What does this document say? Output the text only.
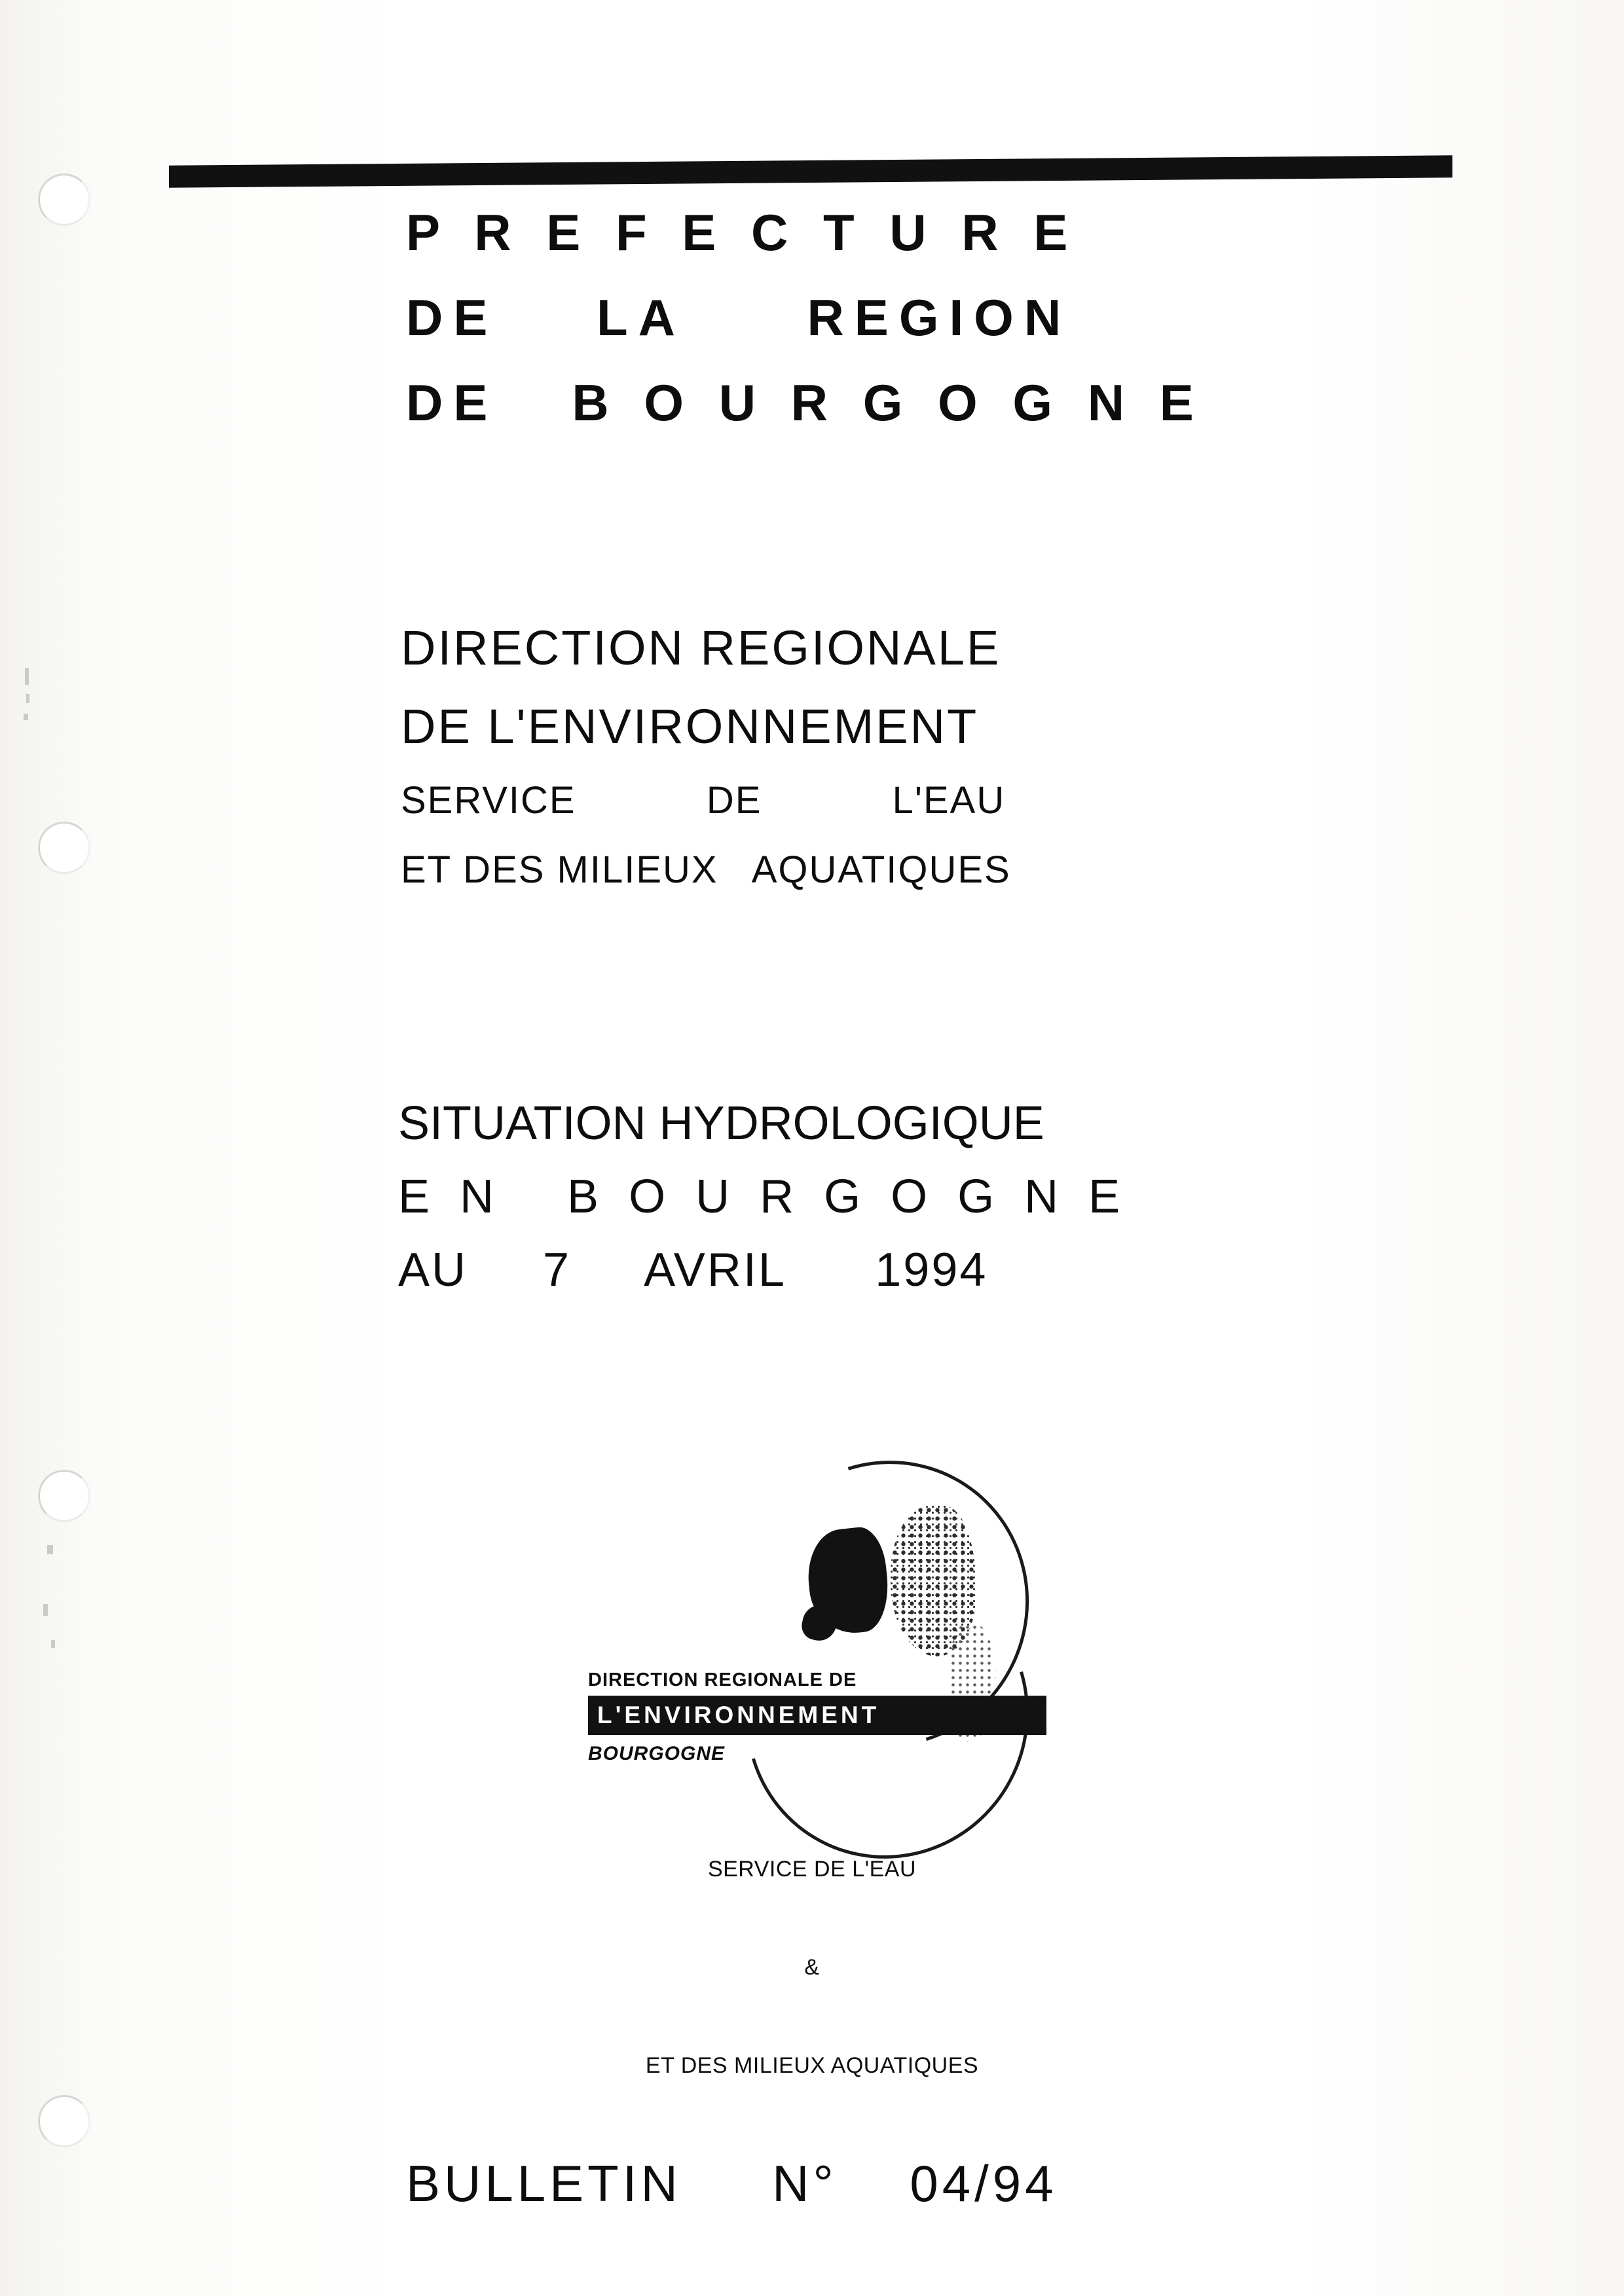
P R E F E C T U R E
DE    LA     REGION
DE   B O U R G O G N E
DIRECTION REGIONALE
DE L'ENVIRONNEMENT
SERVICE           DE           L'EAU
ET DES MILIEUX   AQUATIQUES
SITUATION HYDROLOGIQUE
E N   B O U R G O G N E
AU     7     AVRIL      1994
DIRECTION REGIONALE DE
L'ENVIRONNEMENT
BOURGOGNE

SERVICE DE L'EAU

&

ET DES MILIEUX AQUATIQUES

BULLETIN     N°    04/94
